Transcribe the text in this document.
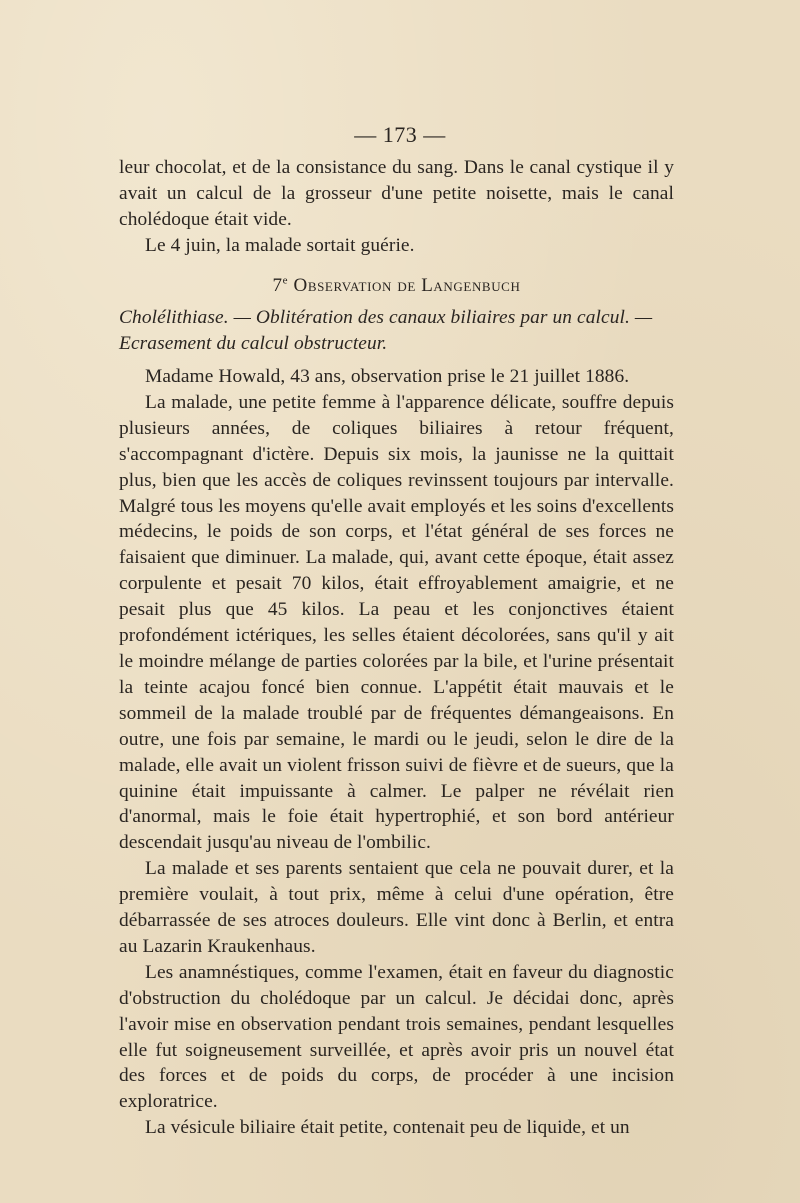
— 173 —

leur chocolat, et de la consistance du sang. Dans le canal cystique il y avait un calcul de la grosseur d'une petite noisette, mais le canal cholédoque était vide.

Le 4 juin, la malade sortait guérie.

7e Observation de Langenbuch
Cholélithiase. — Oblitération des canaux biliaires par un calcul. —
Ecrasement du calcul obstructeur.

Madame Howald, 43 ans, observation prise le 21 juillet 1886.

La malade, une petite femme à l'apparence délicate, souffre depuis plusieurs années, de coliques biliaires à retour fréquent, s'accompagnant d'ictère. Depuis six mois, la jaunisse ne la quittait plus, bien que les accès de coliques revinssent toujours par intervalle. Malgré tous les moyens qu'elle avait employés et les soins d'excellents médecins, le poids de son corps, et l'état général de ses forces ne faisaient que diminuer. La malade, qui, avant cette époque, était assez corpulente et pesait 70 kilos, était effroyablement amaigrie, et ne pesait plus que 45 kilos. La peau et les conjonctives étaient profondément ictériques, les selles étaient décolorées, sans qu'il y ait le moindre mélange de parties colorées par la bile, et l'urine présentait la teinte acajou foncé bien connue. L'appétit était mauvais et le sommeil de la malade troublé par de fréquentes démangeaisons. En outre, une fois par semaine, le mardi ou le jeudi, selon le dire de la malade, elle avait un violent frisson suivi de fièvre et de sueurs, que la quinine était impuissante à calmer. Le palper ne révélait rien d'anormal, mais le foie était hypertrophié, et son bord antérieur descendait jusqu'au niveau de l'ombilic.

La malade et ses parents sentaient que cela ne pouvait durer, et la première voulait, à tout prix, même à celui d'une opération, être débarrassée de ses atroces douleurs. Elle vint donc à Berlin, et entra au Lazarin Kraukenhaus.

Les anamnéstiques, comme l'examen, était en faveur du diagnostic d'obstruction du cholédoque par un calcul. Je décidai donc, après l'avoir mise en observation pendant trois semaines, pendant lesquelles elle fut soigneusement surveillée, et après avoir pris un nouvel état des forces et de poids du corps, de procéder à une incision exploratrice.

La vésicule biliaire était petite, contenait peu de liquide, et un
